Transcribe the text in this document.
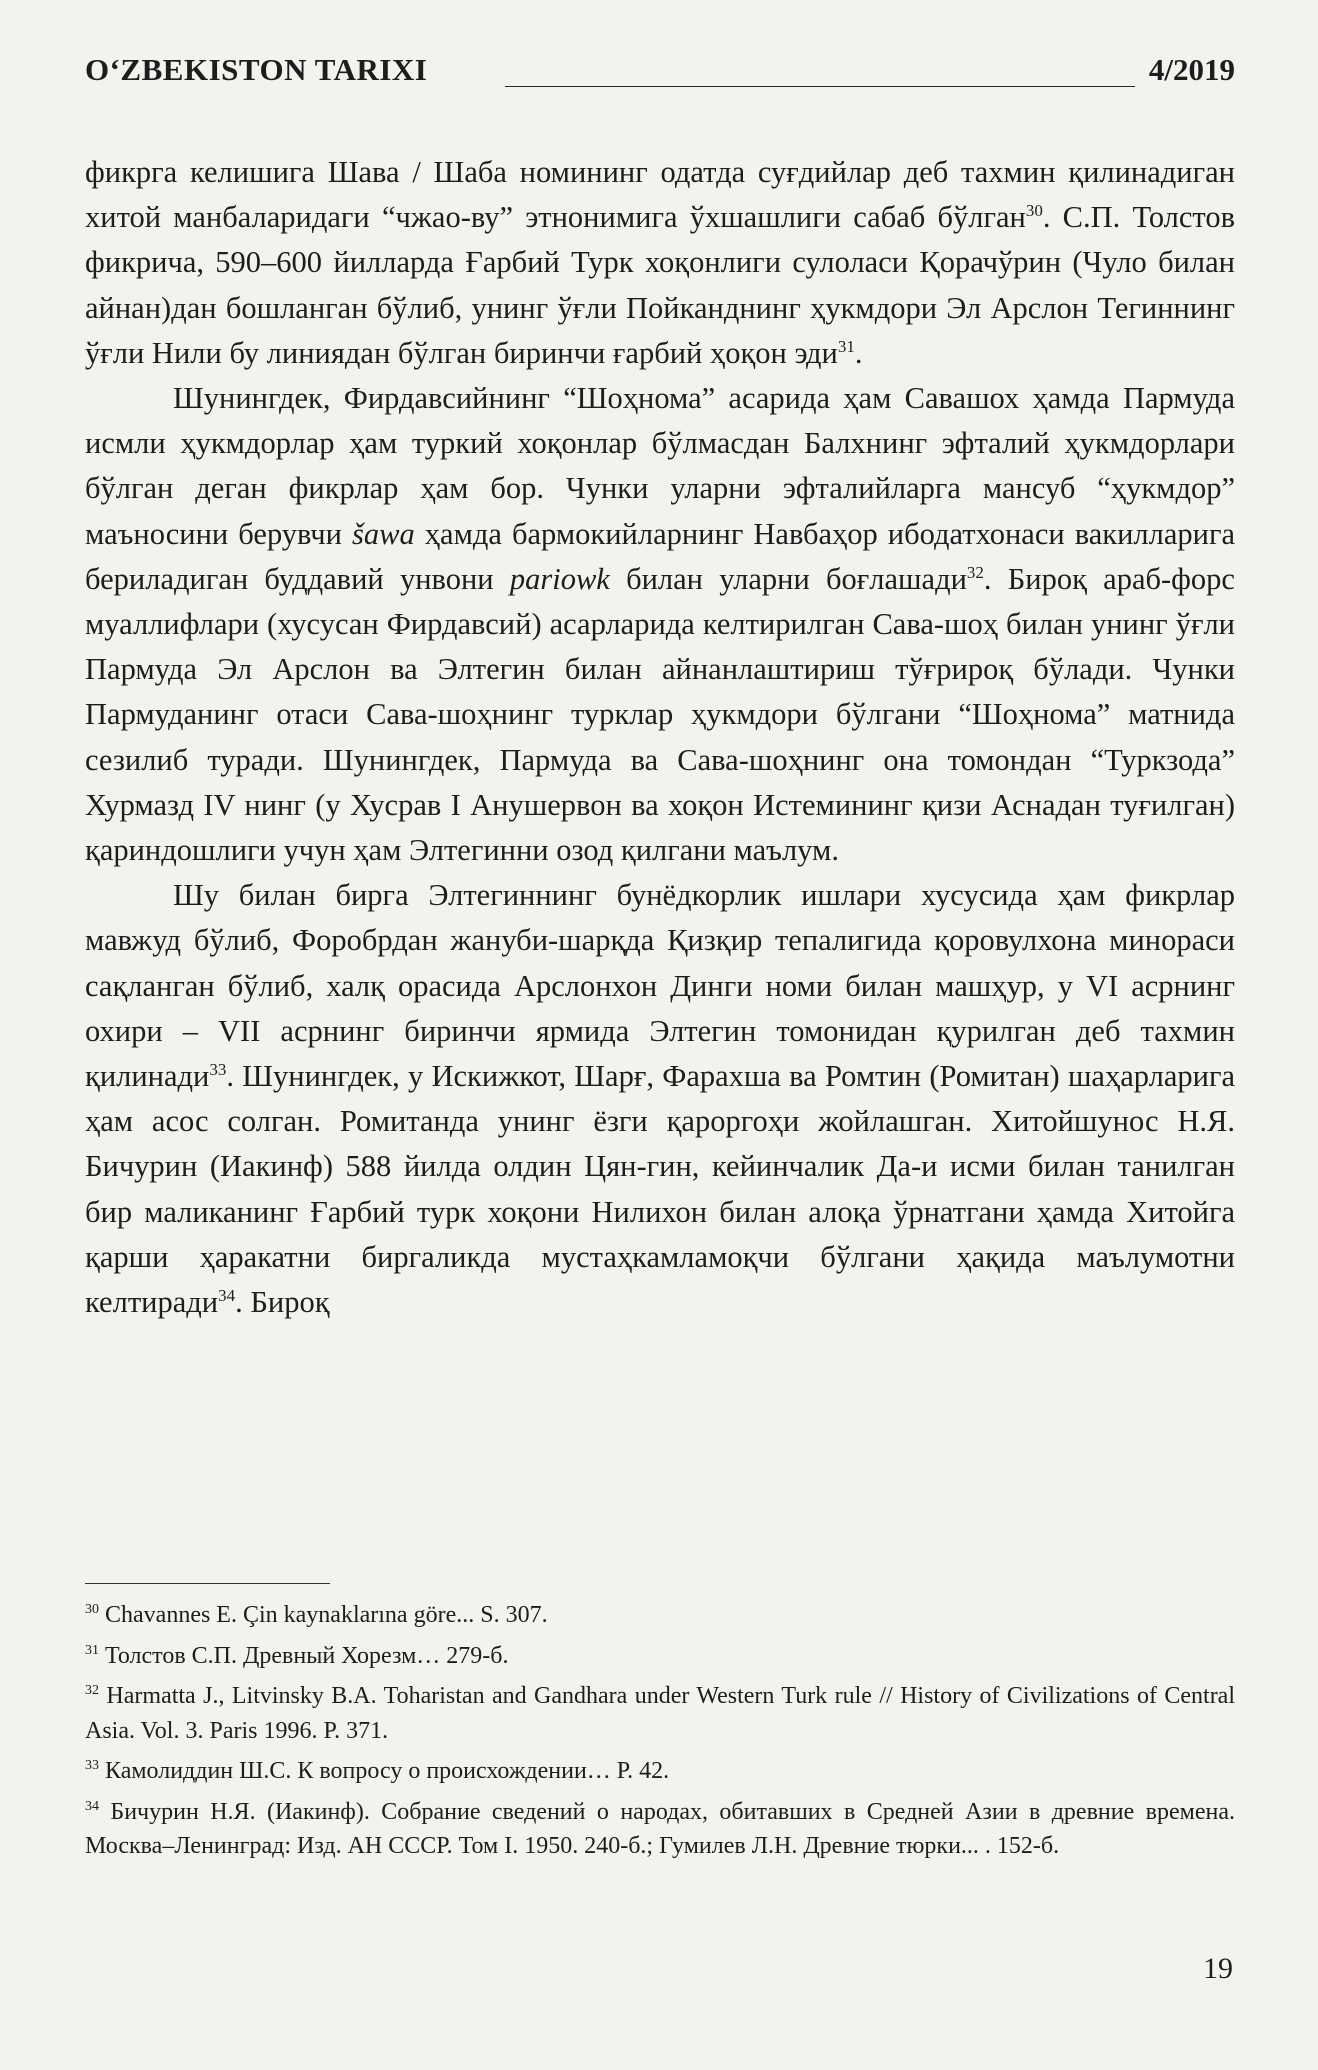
O‘ZBEKISTON TARIXI	4/2019

фикрга келишига Шава / Шаба номининг одатда суғдийлар деб тахмин қилинадиган хитой манбаларидаги “чжао-ву” этнонимига ўхшашлиги сабаб бўлган$^{30}$. С.П. Толстов фикрича, 590–600 йилларда Ғарбий Турк хоқонлиги сулоласи Қорачўрин (Чуло билан айнан)дан бошланган бўлиб, унинг ўғли Пойканднинг ҳукмдори Эл Арслон Тегиннинг ўғли Нили бу линиядан бўлган биринчи ғарбий ҳоқон эди$^{31}$.

Шунингдек, Фирдавсийнинг “Шоҳнома” асарида ҳам Савашох ҳамда Пармуда исмли ҳукмдорлар ҳам туркий хоқонлар бўлмасдан Балхнинг эфталий ҳукмдорлари бўлган деган фикрлар ҳам бор. Чунки уларни эфталийларга мансуб “ҳукмдор” маъносини берувчи šawa ҳамда бармокийларнинг Навбаҳор ибодатхонаси вакилларига бериладиган буддавий унвони pariowk билан уларни боғлашади$^{32}$. Бироқ араб-форс муаллифлари (хусусан Фирдавсий) асарларида келтирилган Сава-шоҳ билан унинг ўғли Пармуда Эл Арслон ва Элтегин билан айнанлаштириш тўғрироқ бўлади. Чунки Пармуданинг отаси Сава-шоҳнинг турклар ҳукмдори бўлгани “Шоҳнома” матнида сезилиб туради. Шунингдек, Пармуда ва Сава-шоҳнинг она томондан “Туркзода” Хурмазд IV нинг (у Хусрав I Анушервон ва хоқон Истемининг қизи Аснадан туғилган) қариндошлиги учун ҳам Элтегинни озод қилгани маълум.

Шу билан бирга Элтегиннинг бунёдкорлик ишлари хусусида ҳам фикрлар мавжуд бўлиб, Форобрдан жануби-шарқда Қизқир тепалигида қоровулхона минораси сақланган бўлиб, халқ орасида Арслонхон Динги номи билан машҳур, у VI асрнинг охири – VII асрнинг биринчи ярмида Элтегин томонидан қурилган деб тахмин қилинади$^{33}$. Шунингдек, у Искижкот, Шарғ, Фарахша ва Ромтин (Ромитан) шаҳарларига ҳам асос солган. Ромитанда унинг ёзги қароргоҳи жойлашган. Хитойшунос Н.Я. Бичурин (Иакинф) 588 йилда олдин Цян-гин, кейинчалик Да-и исми билан танилган бир маликанинг Ғарбий турк хоқони Нилихон билан алоқа ўрнатгани ҳамда Хитойга қарши ҳаракатни биргаликда мустаҳкамламоқчи бўлгани ҳақида маълумотни келтиради$^{34}$. Бироқ

$^{30}$ Chavannes E. Çin kaynaklarına göre... S. 307.

$^{31}$ Толстов С.П. Древный Хорезм… 279-б.

$^{32}$ Harmatta J., Litvinsky B.A. Toharistan and Gandhara under Western Turk rule // History of Civilizations of Central Asia. Vol. 3. Paris 1996. P. 371.

$^{33}$ Камолиддин Ш.С. К вопросу о происхождении… Р. 42.

$^{34}$ Бичурин Н.Я. (Иакинф). Собрание сведений о народах, обитавших в Средней Азии в древние времена. Москва–Ленинград: Изд. АН СССР. Том I. 1950. 240-б.; Гумилев Л.Н. Древние тюрки... . 152-б.

19
